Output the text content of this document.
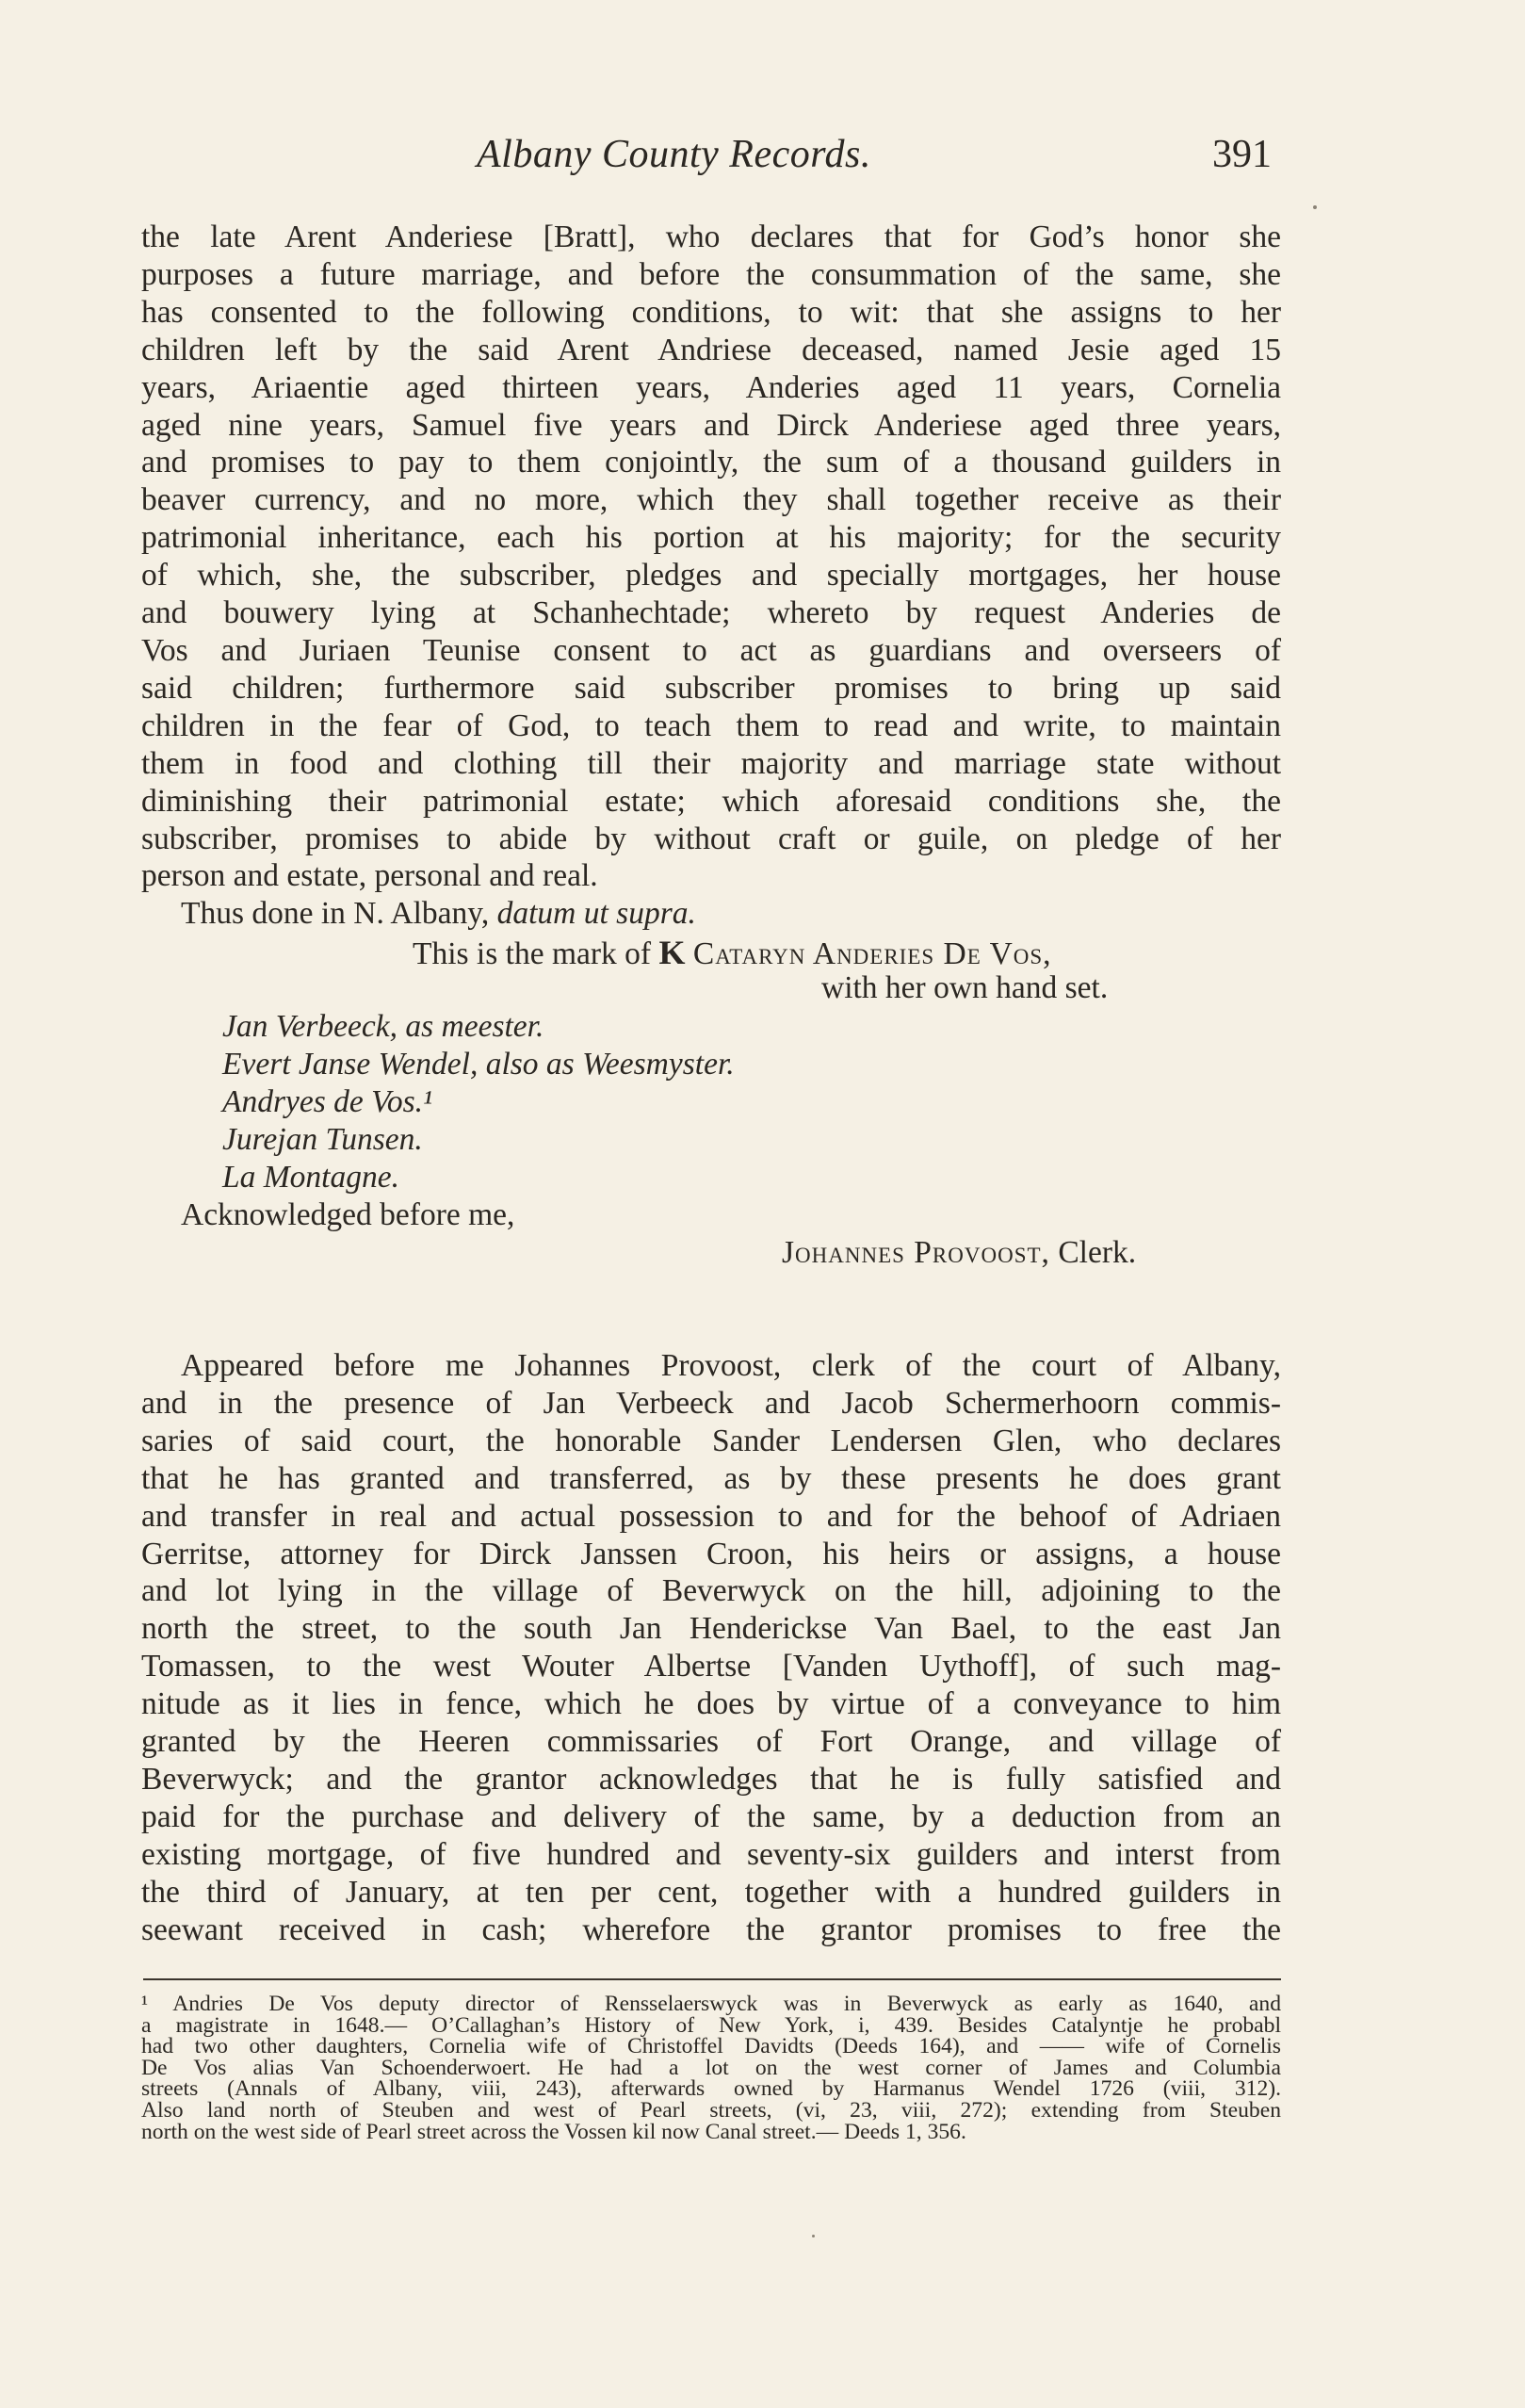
Albany County Records.	391
the late Arent Anderiese [Bratt], who declares that for God’s honor she
purposes a future marriage, and before the consummation of the same, she
has consented to the following conditions, to wit: that she assigns to her
children left by the said Arent Andriese deceased, named Jesie aged 15
years, Ariaentie aged thirteen years, Anderies aged 11 years, Cornelia
aged nine years, Samuel five years and Dirck Anderiese aged three years,
and promises to pay to them conjointly, the sum of a thousand guilders in
beaver currency, and no more, which they shall together receive as their
patrimonial inheritance, each his portion at his majority; for the security
of which, she, the subscriber, pledges and specially mortgages, her house
and bouwery lying at Schanhechtade; whereto by request Anderies de
Vos and Juriaen Teunise consent to act as guardians and overseers of
said children; furthermore said subscriber promises to bring up said
children in the fear of God, to teach them to read and write, to maintain
them in food and clothing till their majority and marriage state without
diminishing their patrimonial estate; which aforesaid conditions she, the
subscriber, promises to abide by without craft or guile, on pledge of her
person and estate, personal and real.
Thus done in N. Albany, datum ut supra.
This is the mark of K Cataryn Anderies De Vos,
with her own hand set.
Jan Verbeeck, as meester.
Evert Janse Wendel, also as Weesmyster.
Andryes de Vos.¹
Jurejan Tunsen.
La Montagne.
Acknowledged before me,
Johannes Provoost, Clerk.
Appeared before me Johannes Provoost, clerk of the court of Albany,
and in the presence of Jan Verbeeck and Jacob Schermerhoorn commis-
saries of said court, the honorable Sander Lendersen Glen, who declares
that he has granted and transferred, as by these presents he does grant
and transfer in real and actual possession to and for the behoof of Adriaen
Gerritse, attorney for Dirck Janssen Croon, his heirs or assigns, a house
and lot lying in the village of Beverwyck on the hill, adjoining to the
north the street, to the south Jan Henderickse Van Bael, to the east Jan
Tomassen, to the west Wouter Albertse [Vanden Uythoff], of such mag-
nitude as it lies in fence, which he does by virtue of a conveyance to him
granted by the Heeren commissaries of Fort Orange, and village of
Beverwyck; and the grantor acknowledges that he is fully satisfied and
paid for the purchase and delivery of the same, by a deduction from an
existing mortgage, of five hundred and seventy-six guilders and interst from
the third of January, at ten per cent, together with a hundred guilders in
seewant received in cash; wherefore the grantor promises to free the
¹ Andries De Vos deputy director of Rensselaerswyck was in Beverwyck as early as 1640, and
a magistrate in 1648.— O’Callaghan’s History of New York, i, 439. Besides Catalyntje he probabl
had two other daughters, Cornelia wife of Christoffel Davidts (Deeds 164), and —— wife of Cornelis
De Vos alias Van Schoenderwoert. He had a lot on the west corner of James and Columbia
streets (Annals of Albany, viii, 243), afterwards owned by Harmanus Wendel 1726 (viii, 312).
Also land north of Steuben and west of Pearl streets, (vi, 23, viii, 272); extending from Steuben
north on the west side of Pearl street across the Vossen kil now Canal street.— Deeds 1, 356.
